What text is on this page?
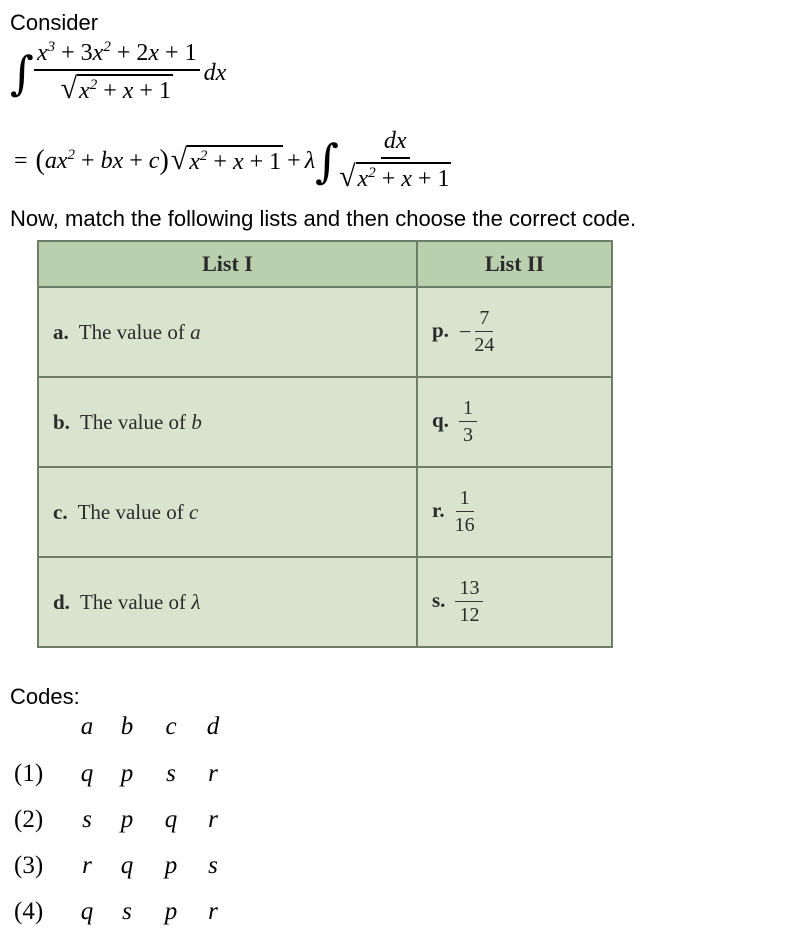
Consider
∫ $\frac{x^3 + 3x^2 + 2x + 1}{√ x^2 + x + 1}$ dx
= ( $ax^2$ + bx + c ) √ $x^2 + x + 1 + \lambda$ ∫ $\frac{dx}{√ x^2 + x + 1}$
Now, match the following lists and then choose the correct code.
List I	List II
a. The value of a	p. − $\frac{7}{24}$

b. The value of b	q. $\frac{1}{3}$

c. The value of c	r. $\frac{1}{16}$

d. The value of λ	s. $\frac{13}{12}$
Codes:
a	b	c	d
(1)	q	p	s	r
(2)	s	p	q	r
(3)	r	q	p	s
(4)	q	s	p	r
